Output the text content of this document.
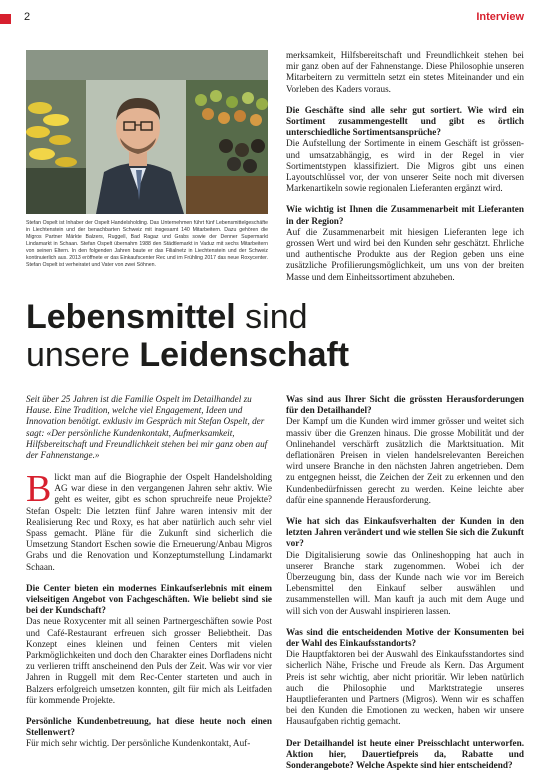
2	Interview
Stefan Ospelt ist Inhaber der Ospelt Handelsholding. Das Unternehmen führt fünf Lebensmittelgeschäfte in Liechtenstein und der benachbarten Schweiz mit insgesamt 140 Mitarbeitern. Dazu gehören die Migros Partner Märkte Balzers, Ruggell, Bad Ragaz und Grabs sowie der Denner Supermarkt Lindamarkt in Schaan. Stefan Ospelt übernahm 1988 den Städtlemarkt in Vaduz mit sechs Mitarbeitern von seinen Eltern. In den folgenden Jahren baute er das Filialnetz in Liechtenstein und der Schweiz kontinuierlich aus. 2013 eröffnete er das Einkaufscenter Rec und im Frühling 2017 das neue Roxycenter. Stefan Ospelt ist verheiratet und Vater von zwei Söhnen.

merksamkeit, Hilfsbereitschaft und Freundlichkeit stehen bei mir ganz oben auf der Fahnenstange. Diese Philosophie unseren Mitarbeitern zu vermitteln setzt ein stetes Miteinander und ein Vorleben des Kaders voraus.

Die Geschäfte sind alle sehr gut sortiert. Wie wird ein Sortiment zusammengestellt und gibt es örtlich unterschiedliche Sortimentsansprüche?

Die Aufstellung der Sortimente in einem Geschäft ist grössen- und umsatzabhängig, es wird in der Regel in vier Sortimentstypen klassifiziert. Die Migros gibt uns einen Layoutschlüssel vor, der von unserer Seite noch mit diversen Markenartikeln sowie regionalen Lieferanten ergänzt wird.

Wie wichtig ist Ihnen die Zusammenarbeit mit Lieferanten in der Region?

Auf die Zusammenarbeit mit hiesigen Lieferanten lege ich grossen Wert und wird bei den Kunden sehr geschätzt. Ehrliche und authentische Produkte aus der Region geben uns eine zusätzliche Profilierungsmöglichkeit, um uns von der breiten Masse und dem Einheitssortiment abzuheben.

Lebensmittel sind
unsere Leidenschaft
Seit über 25 Jahren ist die Familie Ospelt im Detailhandel zu Hause. Eine Tradition, welche viel Engagement, Ideen und Innovation benötigt. exklusiv im Gespräch mit Stefan Ospelt, der sagt: «Der persönliche Kundenkontakt, Aufmerksamkeit, Hilfsbereitschaft und Freundlichkeit stehen bei mir ganz oben auf der Fahnenstange.»

Blickt man auf die Biographie der Ospelt Handelsholding AG war diese in den vergangenen Jahren sehr aktiv. Wie geht es weiter, gibt es schon spruchreife neue Projekte? Stefan Ospelt: Die letzten fünf Jahre waren intensiv mit der Realisierung Rec und Roxy, es hat aber natürlich auch sehr viel Spass gemacht. Pläne für die Zukunft sind sicherlich die Umsetzung Standort Eschen sowie die Erneuerung/Anbau Migros Grabs und die Renovation und Konzeptumstellung Lindamarkt Schaan.

Die Center bieten ein modernes Einkaufserlebnis mit einem vielseitigen Angebot von Fachgeschäften. Wie beliebt sind sie bei der Kundschaft?

Das neue Roxycenter mit all seinen Partnergeschäften sowie Post und Café-Restaurant erfreuen sich grosser Beliebtheit. Das Konzept eines kleinen und feinen Centers mit vielen Parkmöglichkeiten und doch den Charakter eines Dorfladens nicht zu verlieren trifft anscheinend den Puls der Zeit. Was wir vor vier Jahren in Ruggell mit dem Rec-Center starteten und auch in Balzers erfolgreich umsetzen konnten, gilt für mich als Leitfaden für kommende Projekte.

Persönliche Kundenbetreuung, hat diese heute noch einen Stellenwert?

Für mich sehr wichtig. Der persönliche Kundenkontakt, Auf-

Was sind aus Ihrer Sicht die grössten Herausforderungen für den Detailhandel?

Der Kampf um die Kunden wird immer grösser und weitet sich massiv über die Grenzen hinaus. Die grosse Mobilität und der Onlinehandel verschärft zusätzlich die Marktsituation. Mit deflationären Preisen in vielen handelsrelevanten Bereichen wird unsere Branche in den nächsten Jahren angetrieben. Dem zu entgegnen heisst, die Zeichen der Zeit zu erkennen und den Kundenbedürfnissen gerecht zu werden. Keine leichte aber dafür eine spannende Herausforderung.

Wie hat sich das Einkaufsverhalten der Kunden in den letzten Jahren verändert und wie stellen Sie sich die Zukunft vor?

Die Digitalisierung sowie das Onlineshopping hat auch in unserer Branche stark zugenommen. Wobei ich der Überzeugung bin, dass der Kunde nach wie vor im Bereich Lebensmittel den Einkauf selber auswählen und zusammenstellen will. Man kauft ja auch mit dem Auge und will sich von der Auswahl inspirieren lassen.

Was sind die entscheidenden Motive der Konsumenten bei der Wahl des Einkaufsstandorts?

Die Hauptfaktoren bei der Auswahl des Einkaufsstandortes sind sicherlich Nähe, Frische und Freude als Kern. Das Argument Preis ist sehr wichtig, aber nicht prioritär. Wir leben natürlich auch die Philosophie und Marktstrategie unseres Hauptlieferanten und Partners (Migros). Wenn wir es schaffen bei den Kunden die Emotionen zu wecken, haben wir unsere Hausaufgaben richtig gemacht.

Der Detailhandel ist heute einer Preisschlacht unterworfen. Aktion hier, Dauertiefpreis da, Rabatte und Sonderangebote? Welche Aspekte sind hier entscheidend?
